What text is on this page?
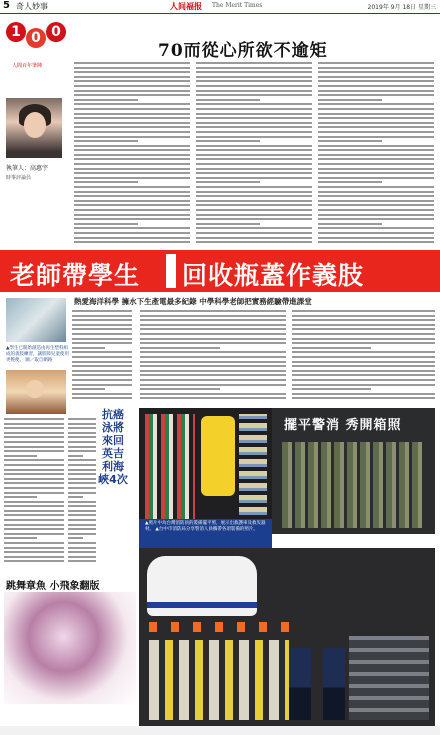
5 奇人妙事	人间福报 The Merit Times	2019年 9月 18日 星期三
1 0 0
人間百年筆陣
70而從心所欲不逾矩
執筆人：高惠宇
時事評論員
老師帶學生 回收瓶蓋作義肢
熱愛海洋科學 擁水下生產電最多紀錄 中學科學老師把實務經驗帶進課堂
▲學生已開始創造由再生塑料組成的義肢練習，讓肢障兒童使用更輕便。 圖／取自網路
抗癌泳將 來回英吉利海峽4次
▲照片中為台灣消防員的裝備擺平照，展示出救護車及救災器材。 ▲台中市消防局分享警消人員攜帶各項裝備的照片。
擺平警消 秀開箱照
跳舞章魚 小飛象翻版
